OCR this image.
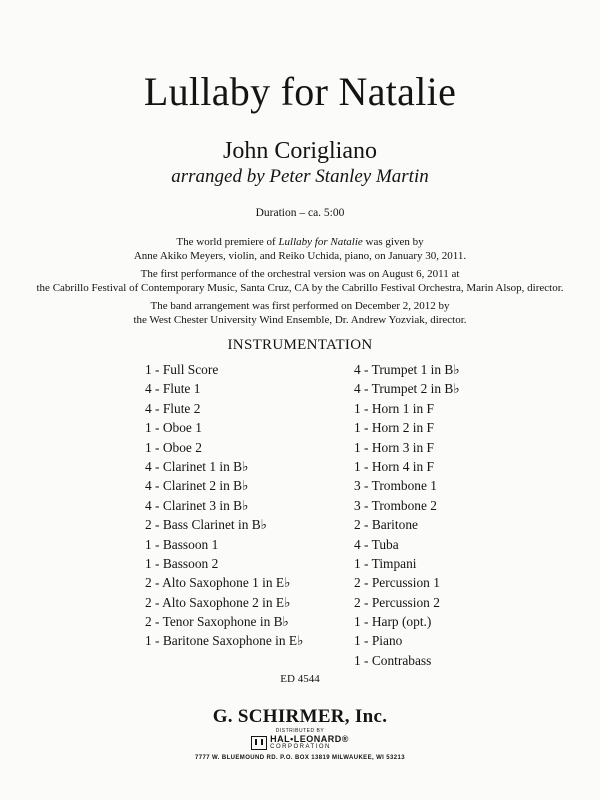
Lullaby for Natalie
John Corigliano
arranged by Peter Stanley Martin
Duration – ca. 5:00

The world premiere of Lullaby for Natalie was given by
Anne Akiko Meyers, violin, and Reiko Uchida, piano, on January 30, 2011.

The first performance of the orchestral version was on August 6, 2011 at
the Cabrillo Festival of Contemporary Music, Santa Cruz, CA by the Cabrillo Festival Orchestra, Marin Alsop, director.

The band arrangement was first performed on December 2, 2012 by
the West Chester University Wind Ensemble, Dr. Andrew Yozviak, director.

INSTRUMENTATION
1 - Full Score
4 - Flute 1
4 - Flute 2
1 - Oboe 1
1 - Oboe 2
4 - Clarinet 1 in B♭
4 - Clarinet 2 in B♭
4 - Clarinet 3 in B♭
2 - Bass Clarinet in B♭
1 - Bassoon 1
1 - Bassoon 2
2 - Alto Saxophone 1 in E♭
2 - Alto Saxophone 2 in E♭
2 - Tenor Saxophone in B♭
1 - Baritone Saxophone in E♭
4 - Trumpet 1 in B♭
4 - Trumpet 2 in B♭
1 - Horn 1 in F
1 - Horn 2 in F
1 - Horn 3 in F
1 - Horn 4 in F
3 - Trombone 1
3 - Trombone 2
2 - Baritone
4 - Tuba
1 - Timpani
2 - Percussion 1
2 - Percussion 2
1 - Harp (opt.)
1 - Piano
1 - Contrabass
ED 4544
G. SCHIRMER, Inc.
DISTRIBUTED BY
HAL•LEONARD®
CORPORATION
7777 W. BLUEMOUND RD. P.O. BOX 13819 MILWAUKEE, WI 53213
